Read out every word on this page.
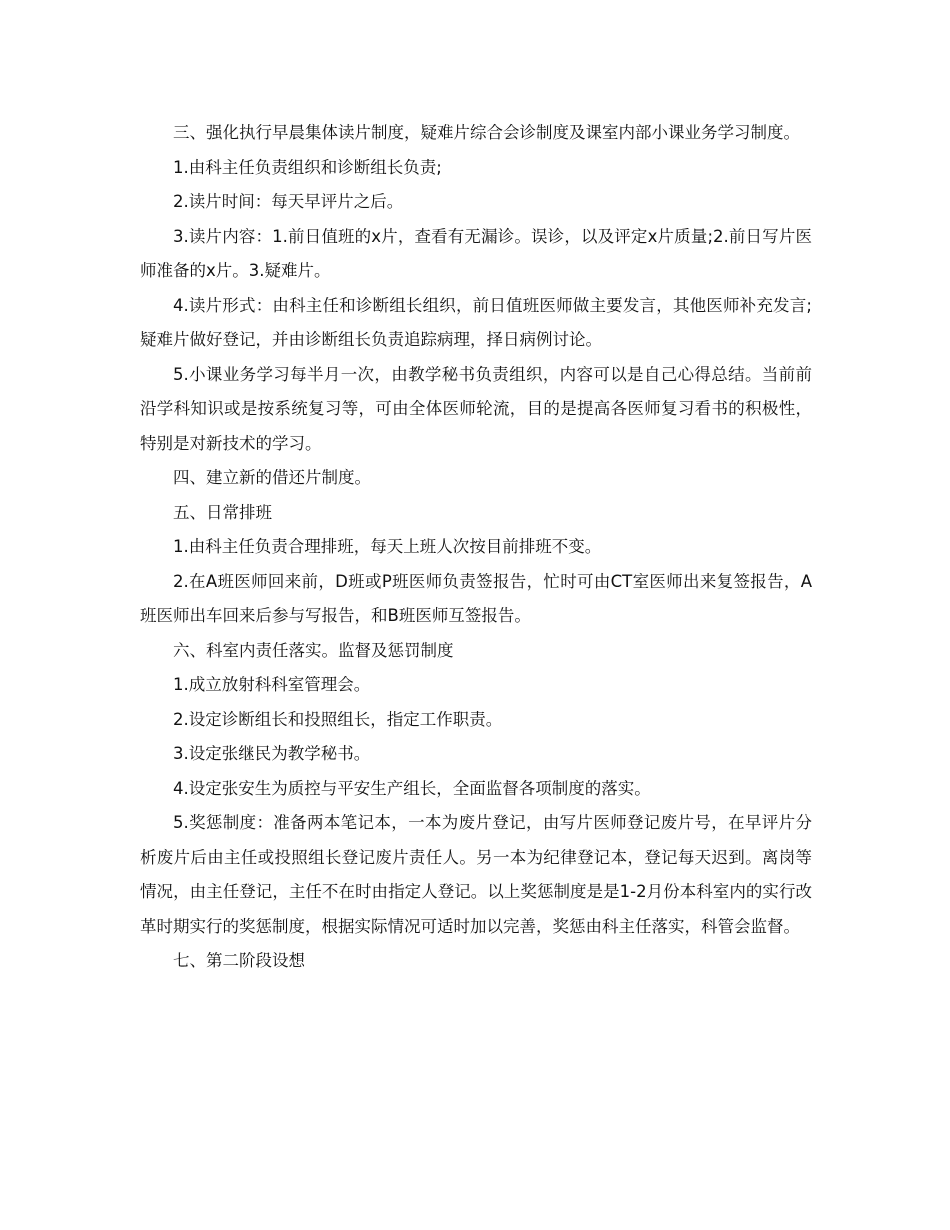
三、强化执行早晨集体读片制度，疑难片综合会诊制度及课室内部小课业务学习制度。

1.由科主任负责组织和诊断组长负责;

2.读片时间：每天早评片之后。

3.读片内容：1.前日值班的x片，查看有无漏诊。误诊，以及评定x片质量;2.前日写片医师准备的x片。3.疑难片。

4.读片形式：由科主任和诊断组长组织，前日值班医师做主要发言，其他医师补充发言;疑难片做好登记，并由诊断组长负责追踪病理，择日病例讨论。

5.小课业务学习每半月一次，由教学秘书负责组织，内容可以是自己心得总结。当前前沿学科知识或是按系统复习等，可由全体医师轮流，目的是提高各医师复习看书的积极性，特别是对新技术的学习。

四、建立新的借还片制度。

五、日常排班

1.由科主任负责合理排班，每天上班人次按目前排班不变。

2.在A班医师回来前，D班或P班医师负责签报告，忙时可由CT室医师出来复签报告，A班医师出车回来后参与写报告，和B班医师互签报告。

六、科室内责任落实。监督及惩罚制度

1.成立放射科科室管理会。

2.设定诊断组长和投照组长，指定工作职责。

3.设定张继民为教学秘书。

4.设定张安生为质控与平安生产组长，全面监督各项制度的落实。

5.奖惩制度：准备两本笔记本，一本为废片登记，由写片医师登记废片号，在早评片分析废片后由主任或投照组长登记废片责任人。另一本为纪律登记本，登记每天迟到。离岗等情况，由主任登记，主任不在时由指定人登记。以上奖惩制度是是1-2月份本科室内的实行改革时期实行的奖惩制度，根据实际情况可适时加以完善，奖惩由科主任落实，科管会监督。

七、第二阶段设想
